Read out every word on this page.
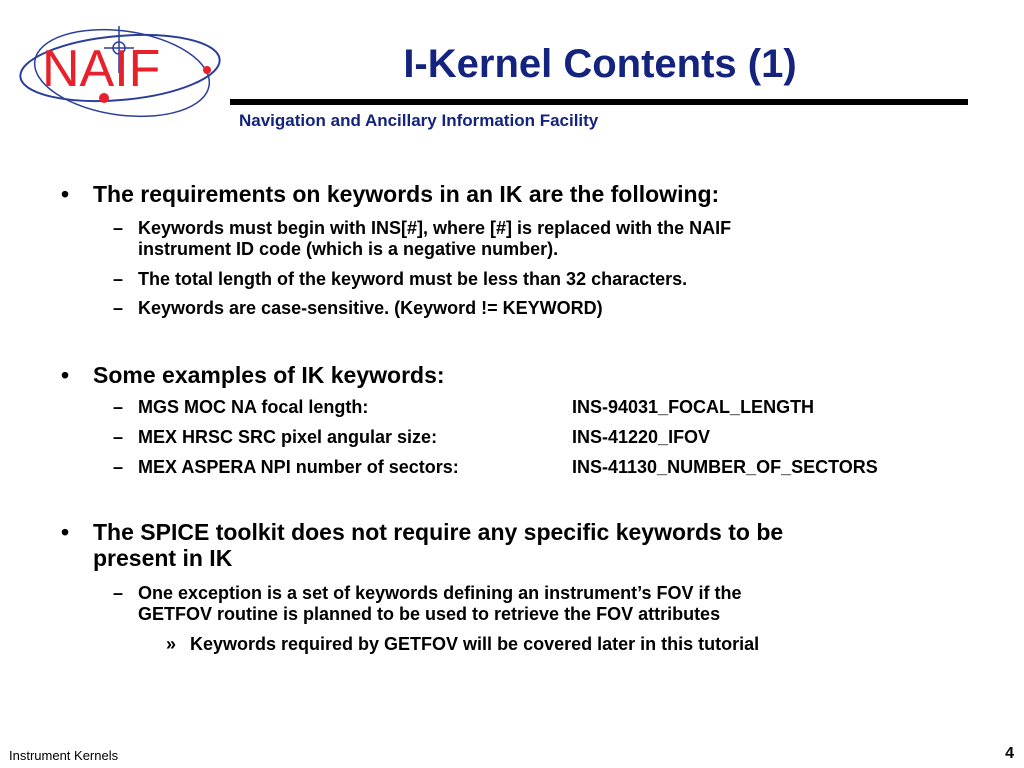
NAIF	I-Kernel Contents (1)
Navigation and Ancillary Information Facility
• The requirements on keywords in an IK are the following:
– Keywords must begin with INS[#], where [#] is replaced with the NAIF
instrument ID code (which is a negative number).
– The total length of the keyword must be less than 32 characters.
– Keywords are case-sensitive. (Keyword != KEYWORD)
• Some examples of IK keywords:
– MGS MOC NA focal length:	INS-94031_FOCAL_LENGTH
– MEX HRSC SRC pixel angular size:	INS-41220_IFOV
– MEX ASPERA NPI number of sectors:	INS-41130_NUMBER_OF_SECTORS
• The SPICE toolkit does not require any specific keywords to be
present in IK
– One exception is a set of keywords defining an instrument’s FOV if the
GETFOV routine is planned to be used to retrieve the FOV attributes
» Keywords required by GETFOV will be covered later in this tutorial
Instrument Kernels	4
